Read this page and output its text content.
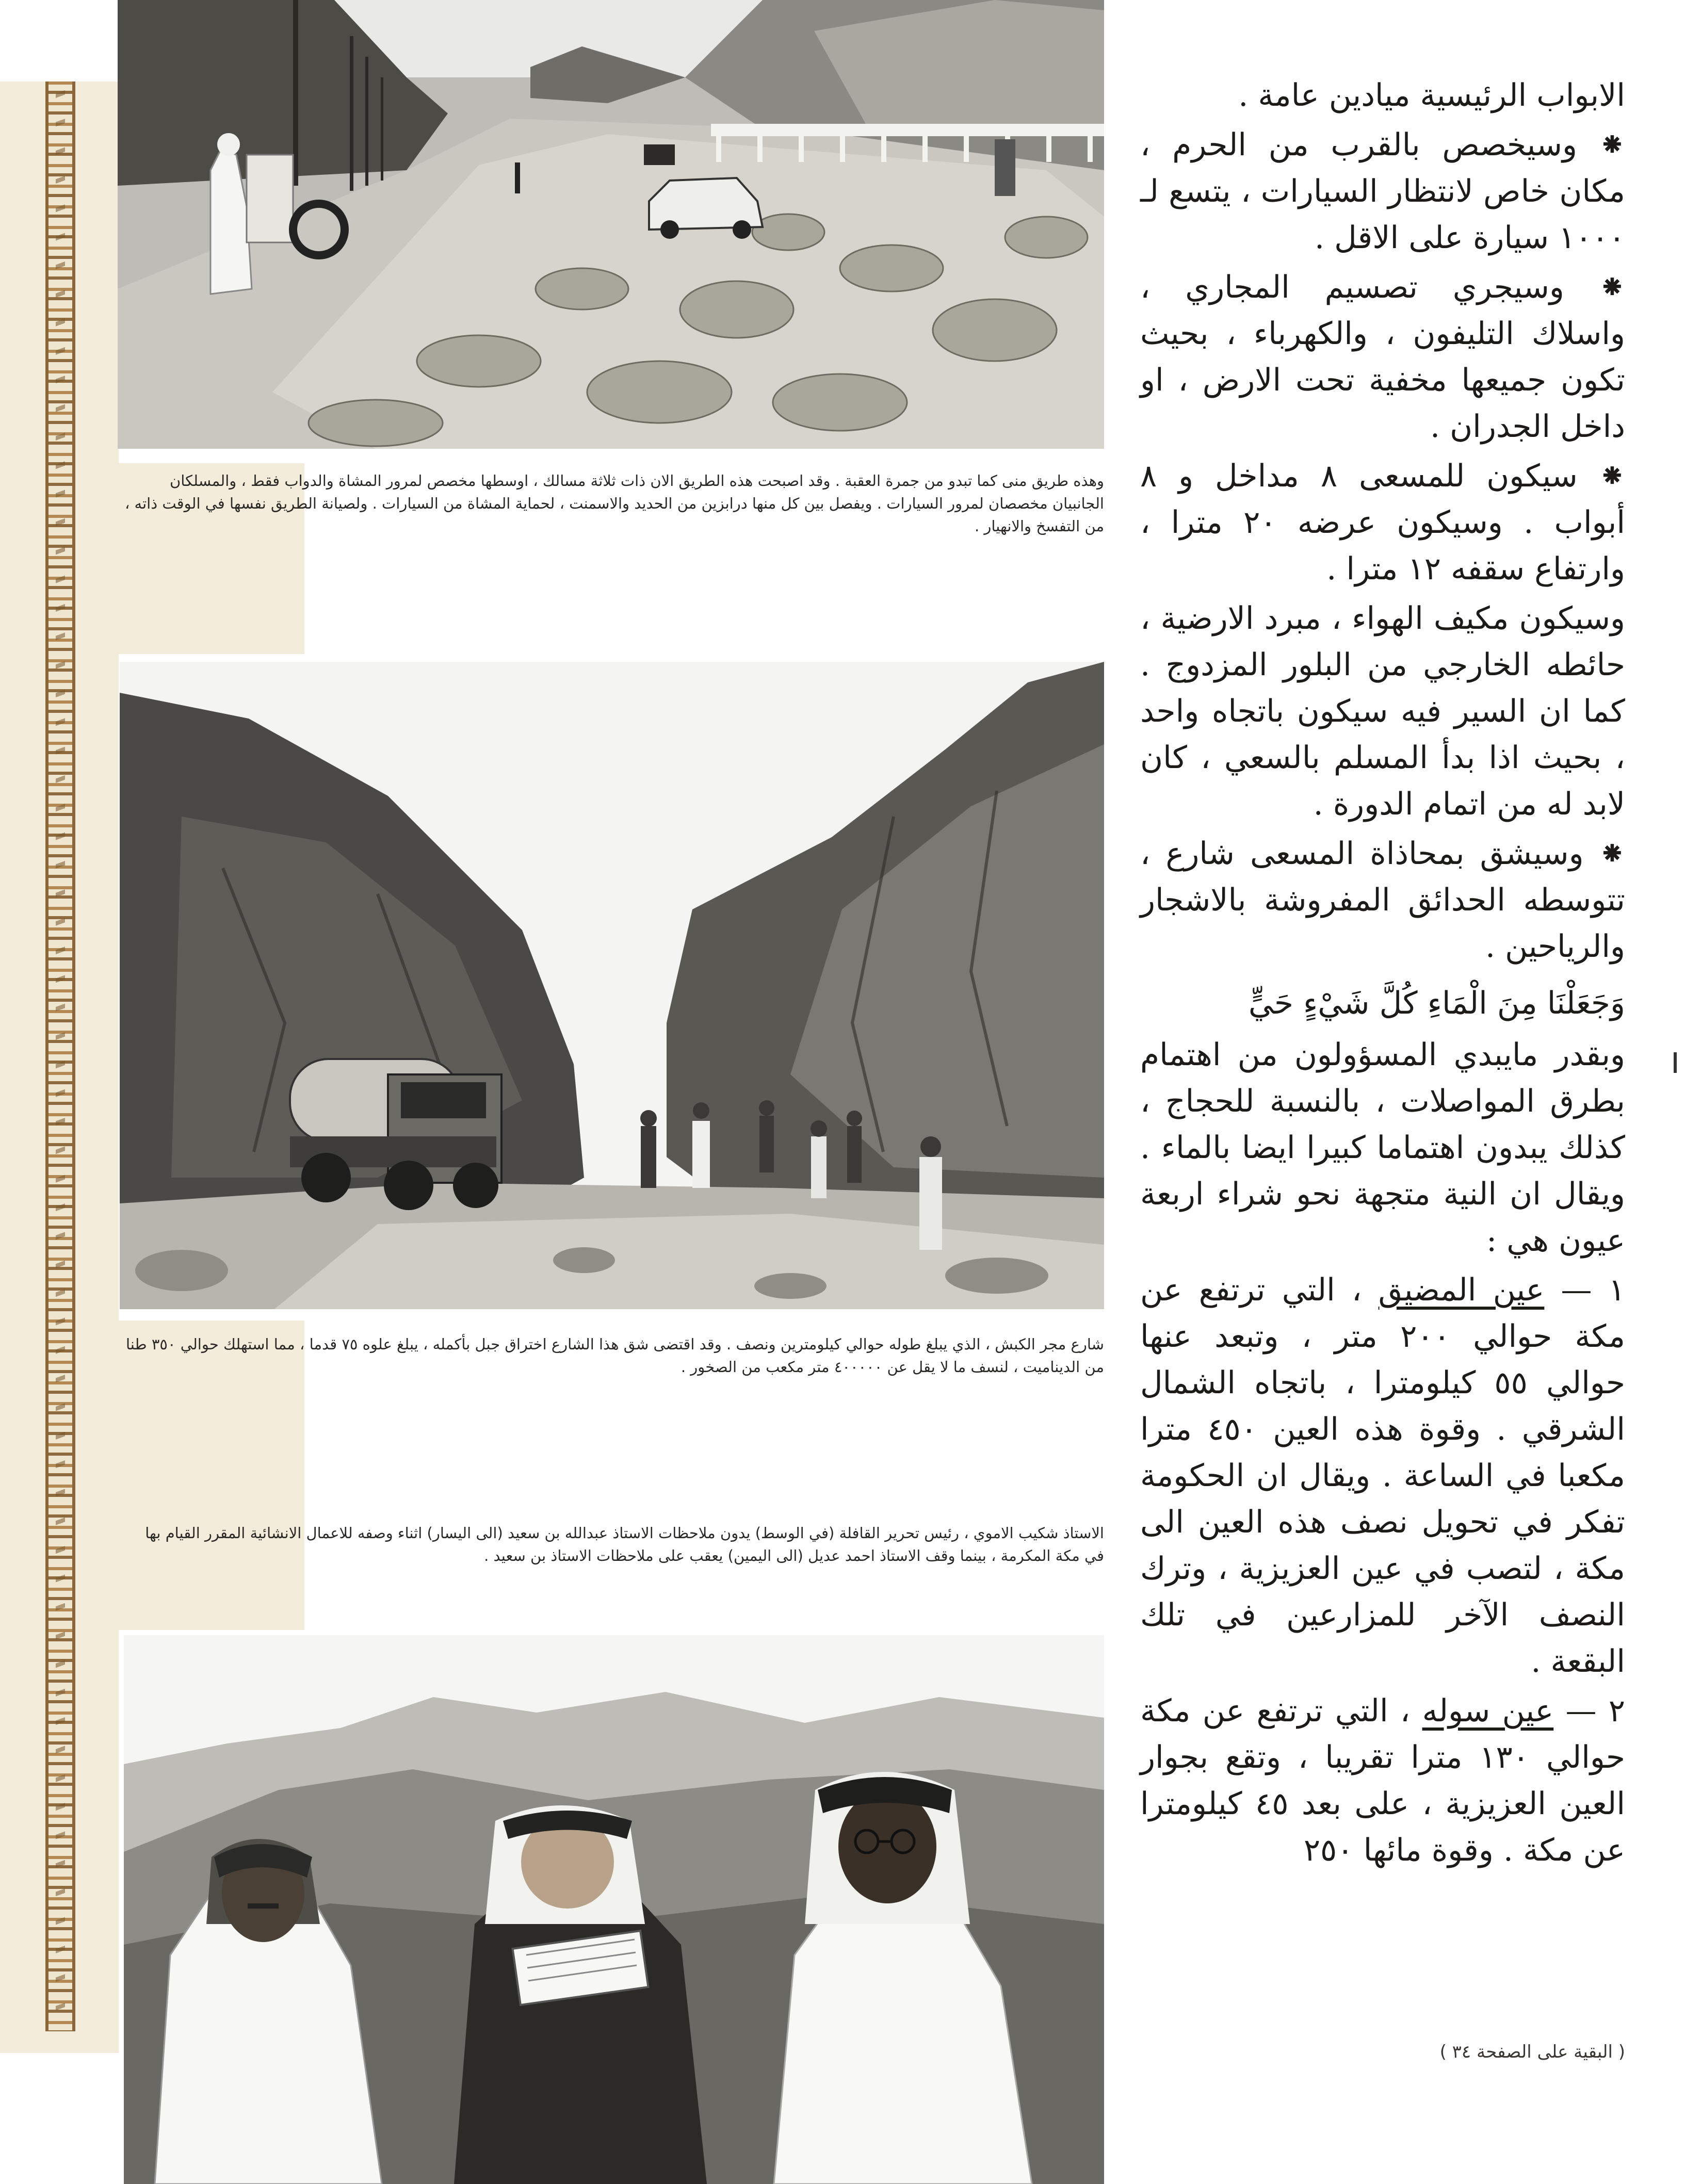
وهذه طريق منى كما تبدو من جمرة العقبة . وقد اصبحت هذه الطريق الان ذات ثلاثة مسالك ، اوسطها مخصص لمرور المشاة والدواب فقط ، والمسلكان الجانبيان مخصصان لمرور السيارات . ويفصل بين كل منها درابزين من الحديد والاسمنت ، لحماية المشاة من السيارات . ولصيانة الطريق نفسها في الوقت ذاته ، من التفسخ والانهيار .

شارع مجر الكبش ، الذي يبلغ طوله حوالي كيلومترين ونصف . وقد اقتضى شق هذا الشارع اختراق جبل بأكمله ، يبلغ علوه ٧٥ قدما ، مما استهلك حوالي ٣٥٠ طنا من الديناميت ، لنسف ما لا يقل عن ٤٠٠٠٠٠ متر مكعب من الصخور .

الاستاذ شكيب الاموي ، رئيس تحرير القافلة (في الوسط) يدون ملاحظات الاستاذ عبدالله بن سعيد (الى اليسار) اثناء وصفه للاعمال الانشائية المقرر القيام بها في مكة المكرمة ، بينما وقف الاستاذ احمد عديل (الى اليمين) يعقب على ملاحظات الاستاذ بن سعيد .

الابواب الرئيسية ميادين عامة .

⁕ وسيخصص بالقرب من الحرم ، مكان خاص لانتظار السيارات ، يتسع لـ ١٠٠٠ سيارة على الاقل .

⁕ وسيجري تصسيم المجاري ، واسلاك التليفون ، والكهرباء ، بحيث تكون جميعها مخفية تحت الارض ، او داخل الجدران .

⁕ سيكون للمسعى ٨ مداخل و ٨ أبواب . وسيكون عرضه ٢٠ مترا ، وارتفاع سقفه ١٢ مترا .

وسيكون مكيف الهواء ، مبرد الارضية ، حائطه الخارجي من البلور المزدوج . كما ان السير فيه سيكون باتجاه واحد ، بحيث اذا بدأ المسلم بالسعي ، كان لابد له من اتمام الدورة .

⁕ وسيشق بمحاذاة المسعى شارع ، تتوسطه الحدائق المفروشة بالاشجار والرياحين .

وَجَعَلْنَا مِنَ الْمَاءِ كُلَّ شَيْءٍ حَيٍّ

وبقدر مايبدي المسؤولون من اهتمام بطرق المواصلات ، بالنسبة للحجاج ، كذلك يبدون اهتماما كبيرا ايضا بالماء . ويقال ان النية متجهة نحو شراء اربعة عيون هي :

١ — عين المضيق ، التي ترتفع عن مكة حوالي ٢٠٠ متر ، وتبعد عنها حوالي ٥٥ كيلومترا ، باتجاه الشمال الشرقي . وقوة هذه العين ٤٥٠ مترا مكعبا في الساعة . ويقال ان الحكومة تفكر في تحويل نصف هذه العين الى مكة ، لتصب في عين العزيزية ، وترك النصف الآخر للمزارعين في تلك البقعة .

٢ — عين سوله ، التي ترتفع عن مكة حوالي ١٣٠ مترا تقريبا ، وتقع بجوار العين العزيزية ، على بعد ٤٥ كيلومترا عن مكة . وقوة مائها ٢٥٠

( البقية على الصفحة ٣٤ )
